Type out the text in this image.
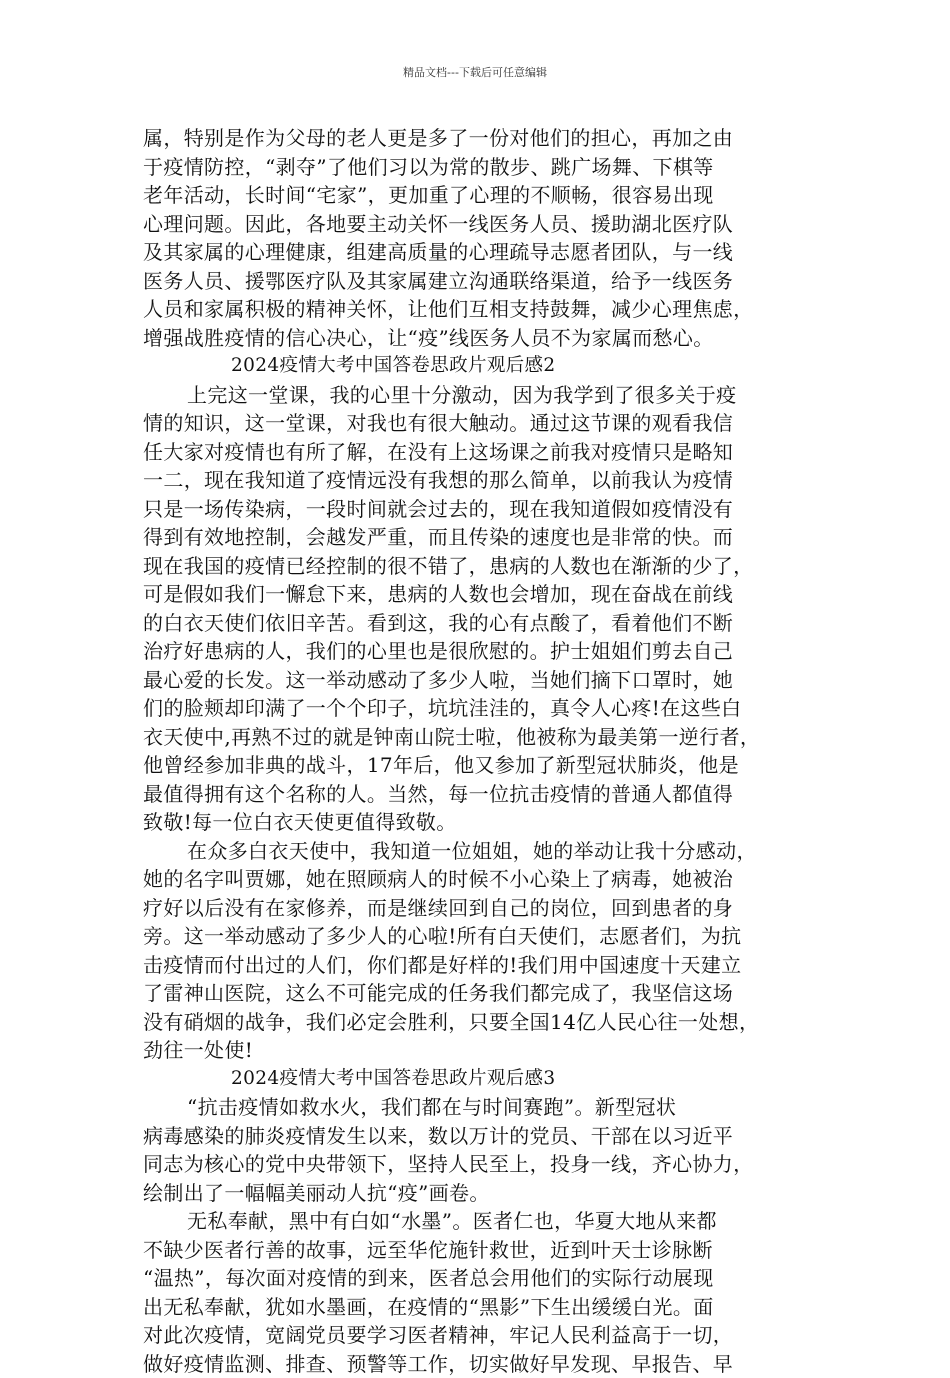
精品文档---下载后可任意编辑
属，特别是作为父母的老人更是多了一份对他们的担心，再加之由
于疫情防控，“剥夺”了他们习以为常的散步、跳广场舞、下棋等
老年活动，长时间“宅家”，更加重了心理的不顺畅，很容易出现
心理问题。因此，各地要主动关怀一线医务人员、援助湖北医疗队
及其家属的心理健康，组建高质量的心理疏导志愿者团队，与一线
医务人员、援鄂医疗队及其家属建立沟通联络渠道，给予一线医务
人员和家属积极的精神关怀，让他们互相支持鼓舞，减少心理焦虑，
增强战胜疫情的信心决心，让“疫”线医务人员不为家属而愁心。
2024疫情大考中国答卷思政片观后感2
上完这一堂课，我的心里十分激动，因为我学到了很多关于疫
情的知识，这一堂课，对我也有很大触动。通过这节课的观看我信
任大家对疫情也有所了解，在没有上这场课之前我对疫情只是略知
一二，现在我知道了疫情远没有我想的那么简单，以前我认为疫情
只是一场传染病，一段时间就会过去的，现在我知道假如疫情没有
得到有效地控制，会越发严重，而且传染的速度也是非常的快。而
现在我国的疫情已经控制的很不错了，患病的人数也在渐渐的少了，
可是假如我们一懈怠下来，患病的人数也会增加，现在奋战在前线
的白衣天使们依旧辛苦。看到这，我的心有点酸了，看着他们不断
治疗好患病的人，我们的心里也是很欣慰的。护士姐姐们剪去自己
最心爱的长发。这一举动感动了多少人啦，当她们摘下口罩时，她
们的脸颊却印满了一个个印子，坑坑洼洼的，真令人心疼!在这些白
衣天使中,再熟不过的就是钟南山院士啦，他被称为最美第一逆行者，
他曾经参加非典的战斗，17年后，他又参加了新型冠状肺炎，他是
最值得拥有这个名称的人。当然，每一位抗击疫情的普通人都值得
致敬!每一位白衣天使更值得致敬。
在众多白衣天使中，我知道一位姐姐，她的举动让我十分感动，
她的名字叫贾娜，她在照顾病人的时候不小心染上了病毒，她被治
疗好以后没有在家修养，而是继续回到自己的岗位，回到患者的身
旁。这一举动感动了多少人的心啦!所有白天使们，志愿者们，为抗
击疫情而付出过的人们，你们都是好样的!我们用中国速度十天建立
了雷神山医院，这么不可能完成的任务我们都完成了，我坚信这场
没有硝烟的战争，我们必定会胜利，只要全国14亿人民心往一处想，
劲往一处使!
2024疫情大考中国答卷思政片观后感3
“抗击疫情如救水火，我们都在与时间赛跑”。新型冠状
病毒感染的肺炎疫情发生以来，数以万计的党员、干部在以习近平
同志为核心的党中央带领下，坚持人民至上，投身一线，齐心协力，
绘制出了一幅幅美丽动人抗“疫”画卷。
无私奉献，黑中有白如“水墨”。医者仁也，华夏大地从来都
不缺少医者行善的故事，远至华佗施针救世，近到叶天士诊脉断
“温热”，每次面对疫情的到来，医者总会用他们的实际行动展现
出无私奉献，犹如水墨画，在疫情的“黑影”下生出缓缓白光。面
对此次疫情，宽阔党员要学习医者精神，牢记人民利益高于一切，
做好疫情监测、排查、预警等工作，切实做好早发现、早报告、早
